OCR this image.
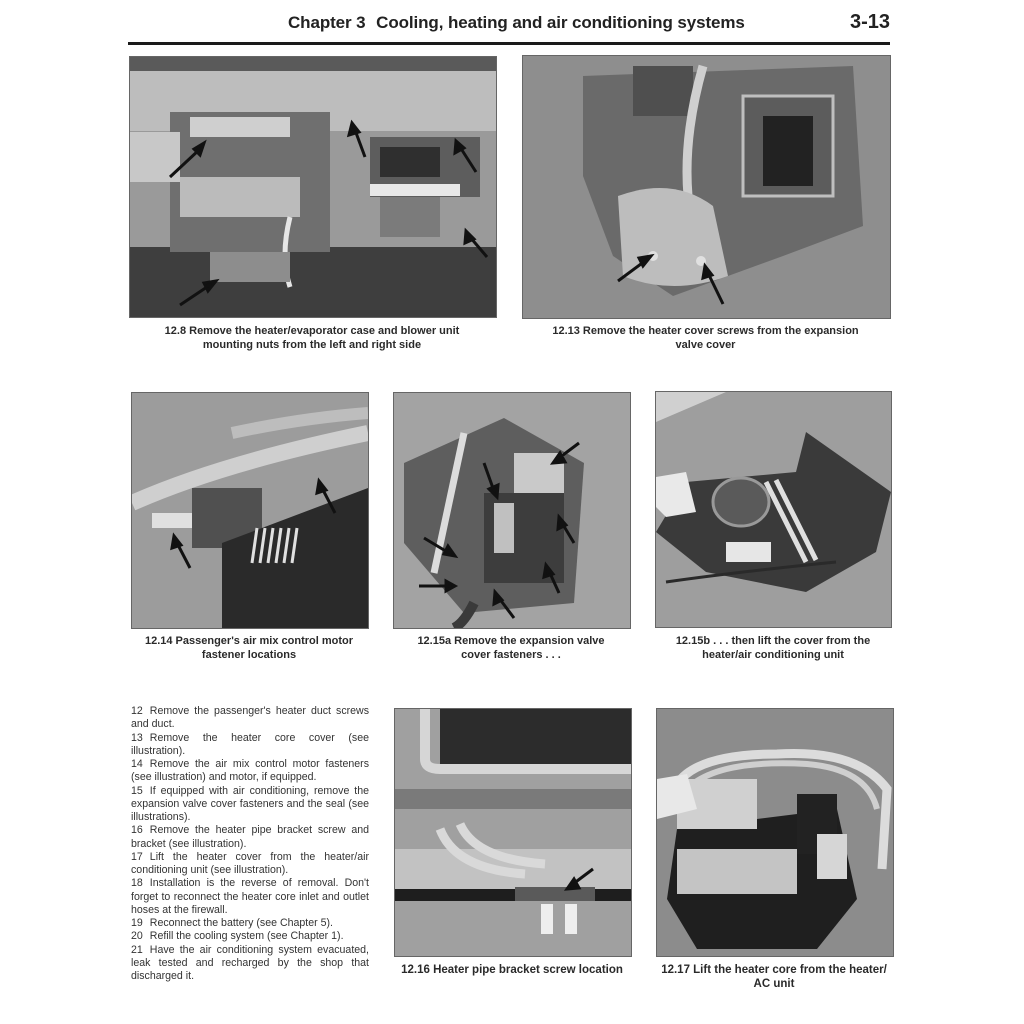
Chapter 3 Cooling, heating and air conditioning systems	3-13
12.8 Remove the heater/evaporator case and blower unit
mounting nuts from the left and right side
12.13 Remove the heater cover screws from the expansion
valve cover
12.14 Passenger's air mix control motor
fastener locations
12.15a Remove the expansion valve
cover fasteners . . .
12.15b . . . then lift the cover from the
heater/air conditioning unit

12 Remove the passenger's heater duct screws and duct.

13 Remove the heater core cover (see illustration).

14 Remove the air mix control motor fasteners (see illustration) and motor, if equipped.

15 If equipped with air conditioning, remove the expansion valve cover fasteners and the seal (see illustrations).

16 Remove the heater pipe bracket screw and bracket (see illustration).

17 Lift the heater cover from the heater/air conditioning unit (see illustration).

18 Installation is the reverse of removal. Don't forget to reconnect the heater core inlet and outlet hoses at the firewall.

19 Reconnect the battery (see Chapter 5).

20 Refill the cooling system (see Chapter 1).

21 Have the air conditioning system evacuated, leak tested and recharged by the shop that discharged it.	12.16 Heater pipe bracket screw location	12.17 Lift the heater core from the heater/
AC unit
